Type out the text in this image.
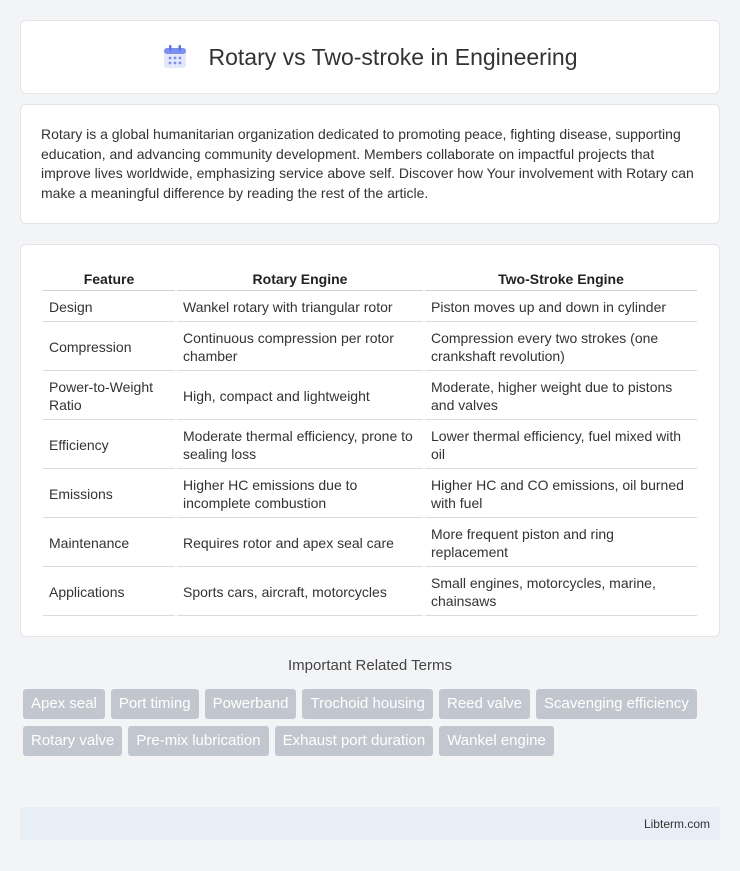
Rotary vs Two-stroke in Engineering

Rotary is a global humanitarian organization dedicated to promoting peace, fighting disease, supporting education, and advancing community development. Members collaborate on impactful projects that improve lives worldwide, emphasizing service above self. Discover how Your involvement with Rotary can make a meaningful difference by reading the rest of the article.

Feature	Rotary Engine	Two-Stroke Engine
Design	Wankel rotary with triangular rotor	Piston moves up and down in cylinder
Compression	Continuous compression per rotor chamber	Compression every two strokes (one crankshaft revolution)
Power-to-Weight Ratio	High, compact and lightweight	Moderate, higher weight due to pistons and valves
Efficiency	Moderate thermal efficiency, prone to sealing loss	Lower thermal efficiency, fuel mixed with oil
Emissions	Higher HC emissions due to incomplete combustion	Higher HC and CO emissions, oil burned with fuel
Maintenance	Requires rotor and apex seal care	More frequent piston and ring replacement
Applications	Sports cars, aircraft, motorcycles	Small engines, motorcycles, marine, chainsaws
Important Related Terms
Apex seal	Port timing	Powerband	Trochoid housing	Reed valve	Scavenging efficiency
Rotary valve	Pre-mix lubrication	Exhaust port duration	Wankel engine
Libterm.com
